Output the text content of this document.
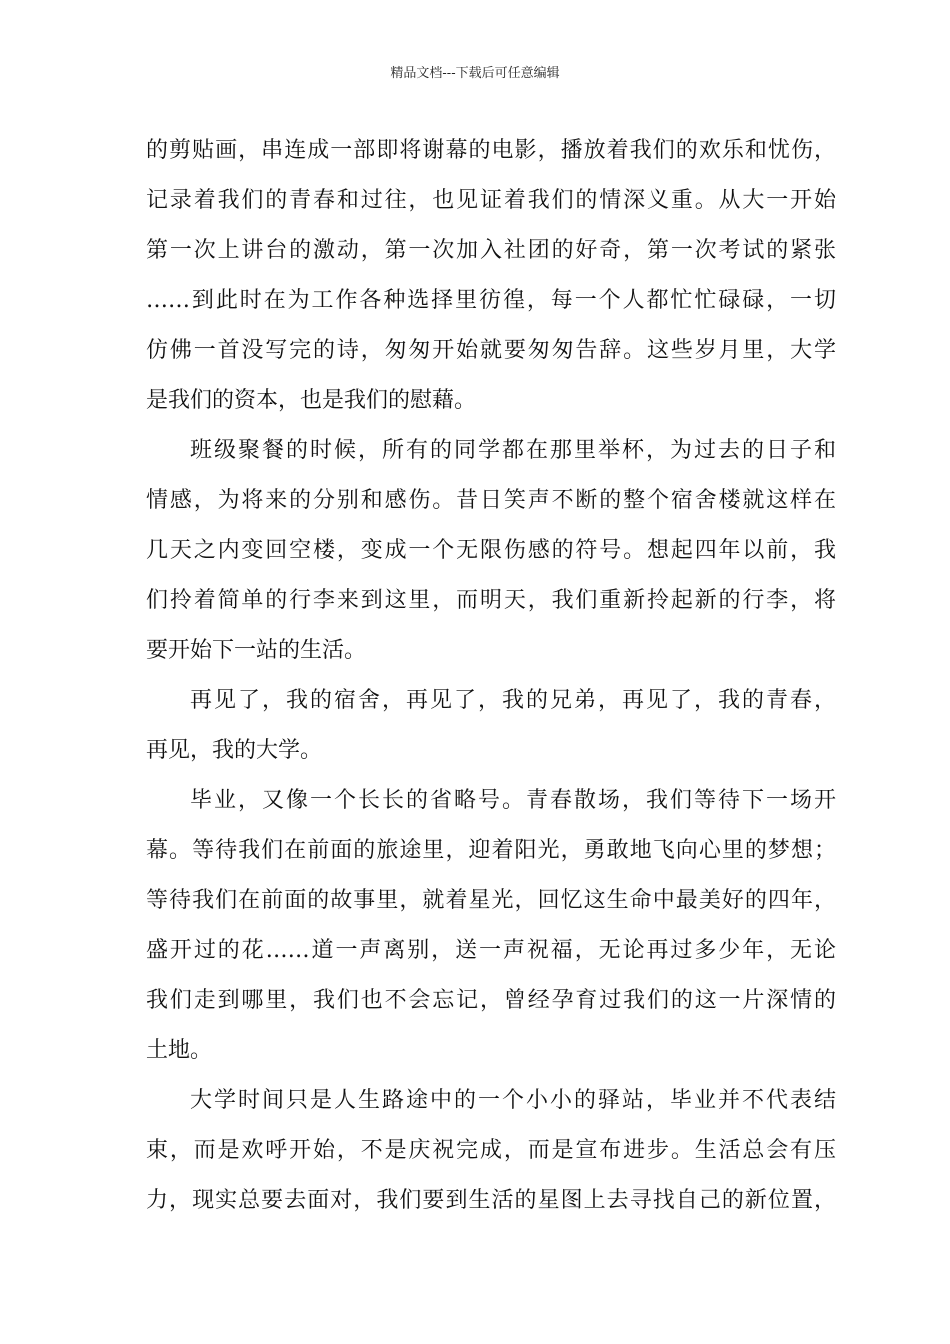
精品文档---下载后可任意编辑
的剪贴画，串连成一部即将谢幕的电影，播放着我们的欢乐和忧伤，
记录着我们的青春和过往，也见证着我们的情深义重。从大一开始
第一次上讲台的激动，第一次加入社团的好奇，第一次考试的紧张
……到此时在为工作各种选择里彷徨，每一个人都忙忙碌碌，一切
仿佛一首没写完的诗，匆匆开始就要匆匆告辞。这些岁月里，大学
是我们的资本，也是我们的慰藉。
班级聚餐的时候，所有的同学都在那里举杯，为过去的日子和
情感，为将来的分别和感伤。昔日笑声不断的整个宿舍楼就这样在
几天之内变回空楼，变成一个无限伤感的符号。想起四年以前，我
们拎着简单的行李来到这里，而明天，我们重新拎起新的行李，将
要开始下一站的生活。
再见了，我的宿舍，再见了，我的兄弟，再见了，我的青春，
再见，我的大学。
毕业，又像一个长长的省略号。青春散场，我们等待下一场开
幕。等待我们在前面的旅途里，迎着阳光，勇敢地飞向心里的梦想；
等待我们在前面的故事里，就着星光，回忆这生命中最美好的四年，
盛开过的花……道一声离别，送一声祝福，无论再过多少年，无论
我们走到哪里，我们也不会忘记，曾经孕育过我们的这一片深情的
土地。
大学时间只是人生路途中的一个小小的驿站，毕业并不代表结
束，而是欢呼开始，不是庆祝完成，而是宣布进步。生活总会有压
力，现实总要去面对，我们要到生活的星图上去寻找自己的新位置，
